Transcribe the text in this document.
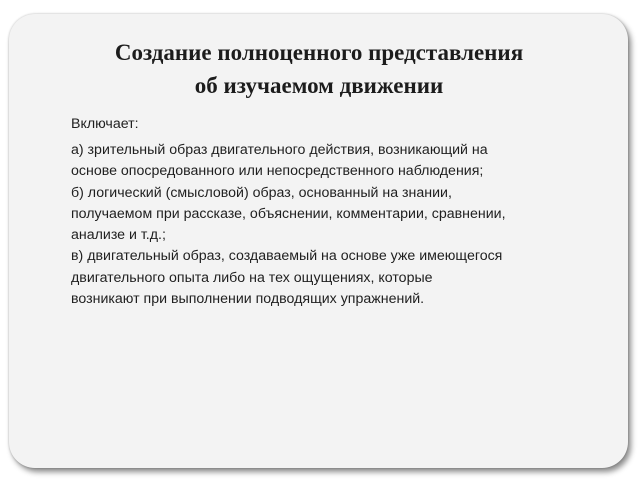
Создание полноценного представления
об изучаемом движении
Включает:
а) зрительный образ двигательного действия, возникающий на
основе опосредованного или непосредственного наблюдения;
б) логический (смысловой) образ, основанный на знании,
получаемом при рассказе, объяснении, комментарии, сравнении,
анализе и т.д.;
в) двигательный образ, создаваемый на основе уже имеющегося
двигательного опыта либо на тех ощущениях, которые
возникают при выполнении подводящих упражнений.
